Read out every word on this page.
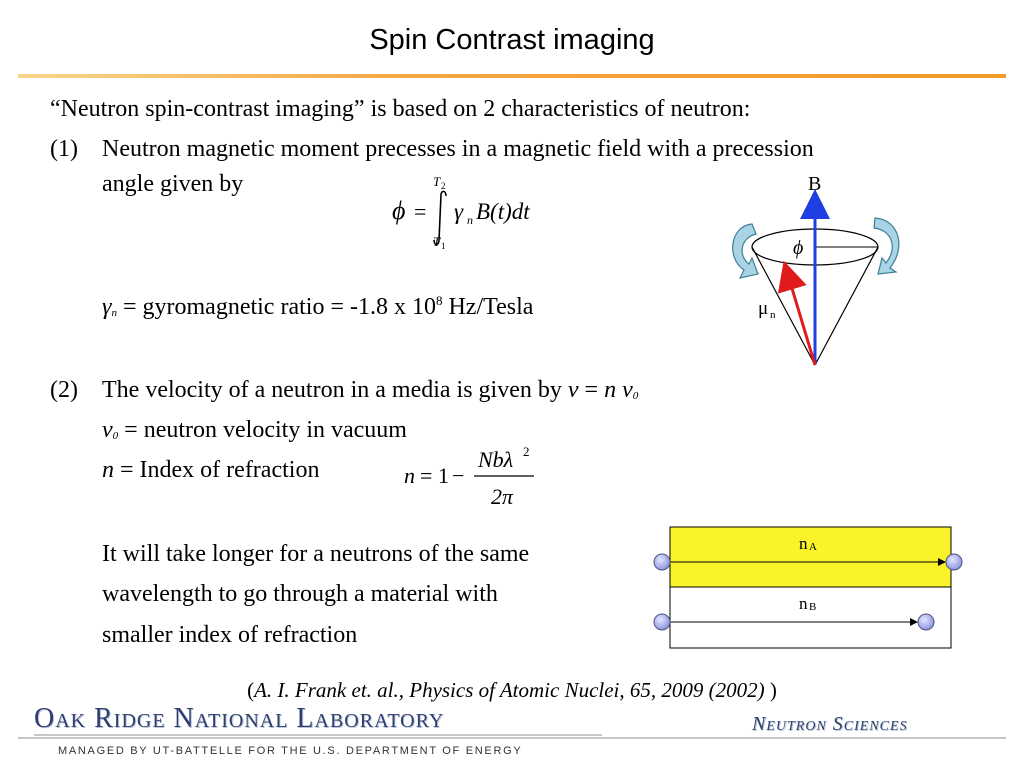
Spin Contrast imaging
“Neutron spin-contrast imaging” is based on 2 characteristics of neutron:
(1) Neutron magnetic moment precesses in a magnetic field with a precession
angle given by
ϕ =
T 2
T 1
γ n B(t)dt
γn = gyromagnetic ratio = -1.8 x $10^8$ Hz/Tesla
B
ϕ
μ n
(2) The velocity of a neutron in a media is given by v = n v0
v0 = neutron velocity in vacuum
n = Index of refraction	n = 1 −
Nbλ 2
2π
It will take longer for a neutrons of the same
wavelength to go through a material with
smaller index of refraction
n A
n B
(A. I. Frank et. al., Physics of Atomic Nuclei, 65, 2009 (2002) )
Oak Ridge National Laboratory	Neutron Sciences
MANAGED BY UT-BATTELLE FOR THE U.S. DEPARTMENT OF ENERGY
